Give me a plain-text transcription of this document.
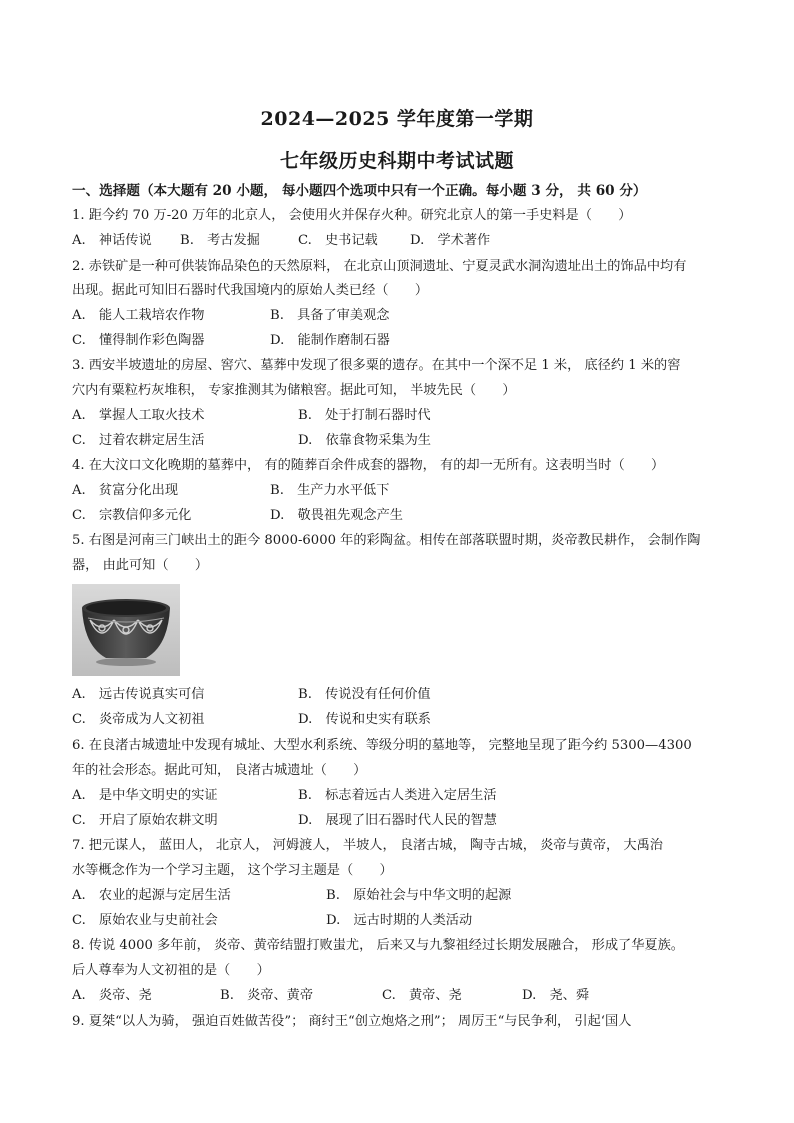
2024—2025 学年度第一学期
七年级历史科期中考试试题
一、选择题（本大题有 20 小题， 每小题四个选项中只有一个正确。每小题 3 分， 共 60 分）
1. 距今约 70 万-20 万年的北京人， 会使用火并保存火种。研究北京人的第一手史料是（　　）
A.　神话传说 B.　考古发掘	C.　史书记载 D.　学术著作
2. 赤铁矿是一种可供装饰品染色的天然原料， 在北京山顶洞遗址、宁夏灵武水洞沟遗址出土的饰品中均有
出现。据此可知旧石器时代我国境内的原始人类已经（　　）
A.　能人工栽培农作物	B.　具备了审美观念
C.　懂得制作彩色陶器	D.　能制作磨制石器
3. 西安半坡遗址的房屋、窖穴、墓葬中发现了很多粟的遗存。在其中一个深不足 1 米， 底径约 1 米的窖
穴内有粟粒朽灰堆积， 专家推测其为储粮窖。据此可知， 半坡先民（　　）
A.　掌握人工取火技术	B.　处于打制石器时代
C.　过着农耕定居生活	D.　依靠食物采集为生
4. 在大汶口文化晚期的墓葬中， 有的随葬百余件成套的器物， 有的却一无所有。这表明当时（　　）
A.　贫富分化出现	B.　生产力水平低下
C.　宗教信仰多元化	D.　敬畏祖先观念产生
5. 右图是河南三门峡出土的距今 8000-6000 年的彩陶盆。相传在部落联盟时期，炎帝教民耕作， 会制作陶
器， 由此可知（　　）
A.　远古传说真实可信	B.　传说没有任何价值
C.　炎帝成为人文初祖	D.　传说和史实有联系
6. 在良渚古城遗址中发现有城址、大型水利系统、等级分明的墓地等， 完整地呈现了距今约 5300—4300
年的社会形态。据此可知， 良渚古城遗址（　　）
A.　是中华文明史的实证	B.　标志着远古人类进入定居生活
C.　开启了原始农耕文明	D.　展现了旧石器时代人民的智慧
7. 把元谋人， 蓝田人， 北京人， 河姆渡人， 半坡人， 良渚古城， 陶寺古城， 炎帝与黄帝， 大禹治
水等概念作为一个学习主题， 这个学习主题是（　　）
A.　农业的起源与定居生活	B.　原始社会与中华文明的起源
C.　原始农业与史前社会	D.　远古时期的人类活动
8. 传说 4000 多年前， 炎帝、黄帝结盟打败蚩尤， 后来又与九黎祖经过长期发展融合， 形成了华夏族。
后人尊奉为人文初祖的是（　　）
A.　炎帝、尧	B.　炎帝、黄帝	C.　黄帝、尧	D.　尧、舜
9. 夏桀“以人为骑， 强迫百姓做苦役”； 商纣王“创立炮烙之刑”； 周厉王“与民争利， 引起‘国人
